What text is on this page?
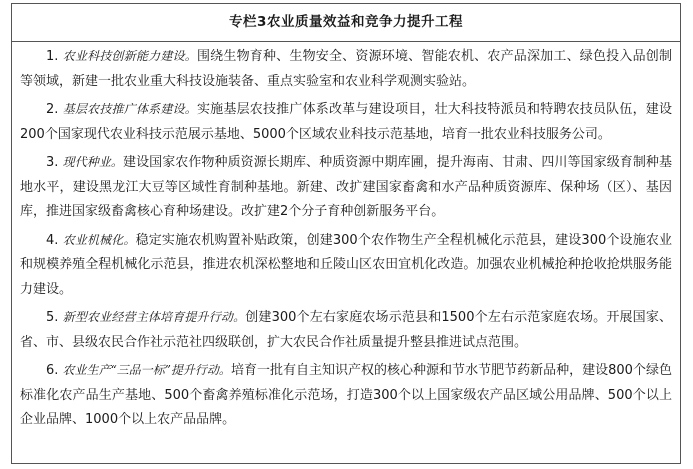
专栏3农业质量效益和竞争力提升工程

1. 农业科技创新能力建设。围绕生物育种、生物安全、资源环境、智能农机、农产品深加工、绿色投入品创制等领域，新建一批农业重大科技设施装备、重点实验室和农业科学观测实验站。

2. 基层农技推广体系建设。实施基层农技推广体系改革与建设项目，壮大科技特派员和特聘农技员队伍，建设200个国家现代农业科技示范展示基地、5000个区域农业科技示范基地，培育一批农业科技服务公司。

3. 现代种业。建设国家农作物种质资源长期库、种质资源中期库圃，提升海南、甘肃、四川等国家级育制种基地水平，建设黑龙江大豆等区域性育制种基地。新建、改扩建国家畜禽和水产品种质资源库、保种场（区）、基因库，推进国家级畜禽核心育种场建设。改扩建2个分子育种创新服务平台。

4. 农业机械化。稳定实施农机购置补贴政策，创建300个农作物生产全程机械化示范县，建设300个设施农业和规模养殖全程机械化示范县，推进农机深松整地和丘陵山区农田宜机化改造。加强农业机械抢种抢收抢烘服务能力建设。

5. 新型农业经营主体培育提升行动。创建300个左右家庭农场示范县和1500个左右示范家庭农场。开展国家、省、市、县级农民合作社示范社四级联创，扩大农民合作社质量提升整县推进试点范围。

6. 农业生产“三品一标”提升行动。培育一批有自主知识产权的核心种源和节水节肥节药新品种，建设800个绿色标准化农产品生产基地、500个畜禽养殖标准化示范场，打造300个以上国家级农产品区域公用品牌、500个以上企业品牌、1000个以上农产品品牌。
